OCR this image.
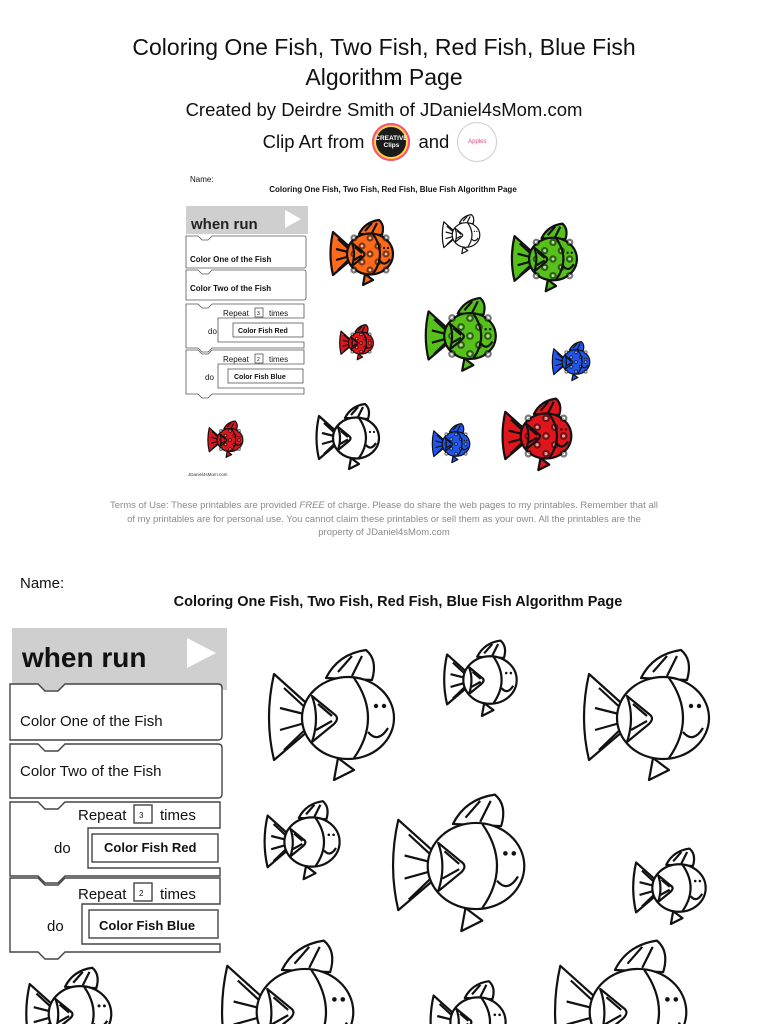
Coloring One Fish, Two Fish, Red Fish, Blue Fish
Algorithm Page
Created by Deirdre Smith of JDaniel4sMom.com
Clip Art from	CREATIVE Clips	and	Apples
Name:
Coloring One Fish, Two Fish, Red Fish, Blue Fish Algorithm Page
when run
Color One of the Fish
Color Two of the Fish
Repeat 3 times
do	Color Fish Red
Repeat 2 times
do	Color Fish Blue
JDaniel4sMom.com
Terms of Use: These printables are provided FREE of charge. Please do share the web pages to my printables. Remember that all of my printables are for personal use. You cannot claim these printables or sell them as your own. All the printables are the property of JDaniel4sMom.com
Name:
Coloring One Fish, Two Fish, Red Fish, Blue Fish Algorithm Page
when run
Color One of the Fish
Color Two of the Fish
Repeat 3 times
do	Color Fish Red
Repeat 2 times
do	Color Fish Blue
